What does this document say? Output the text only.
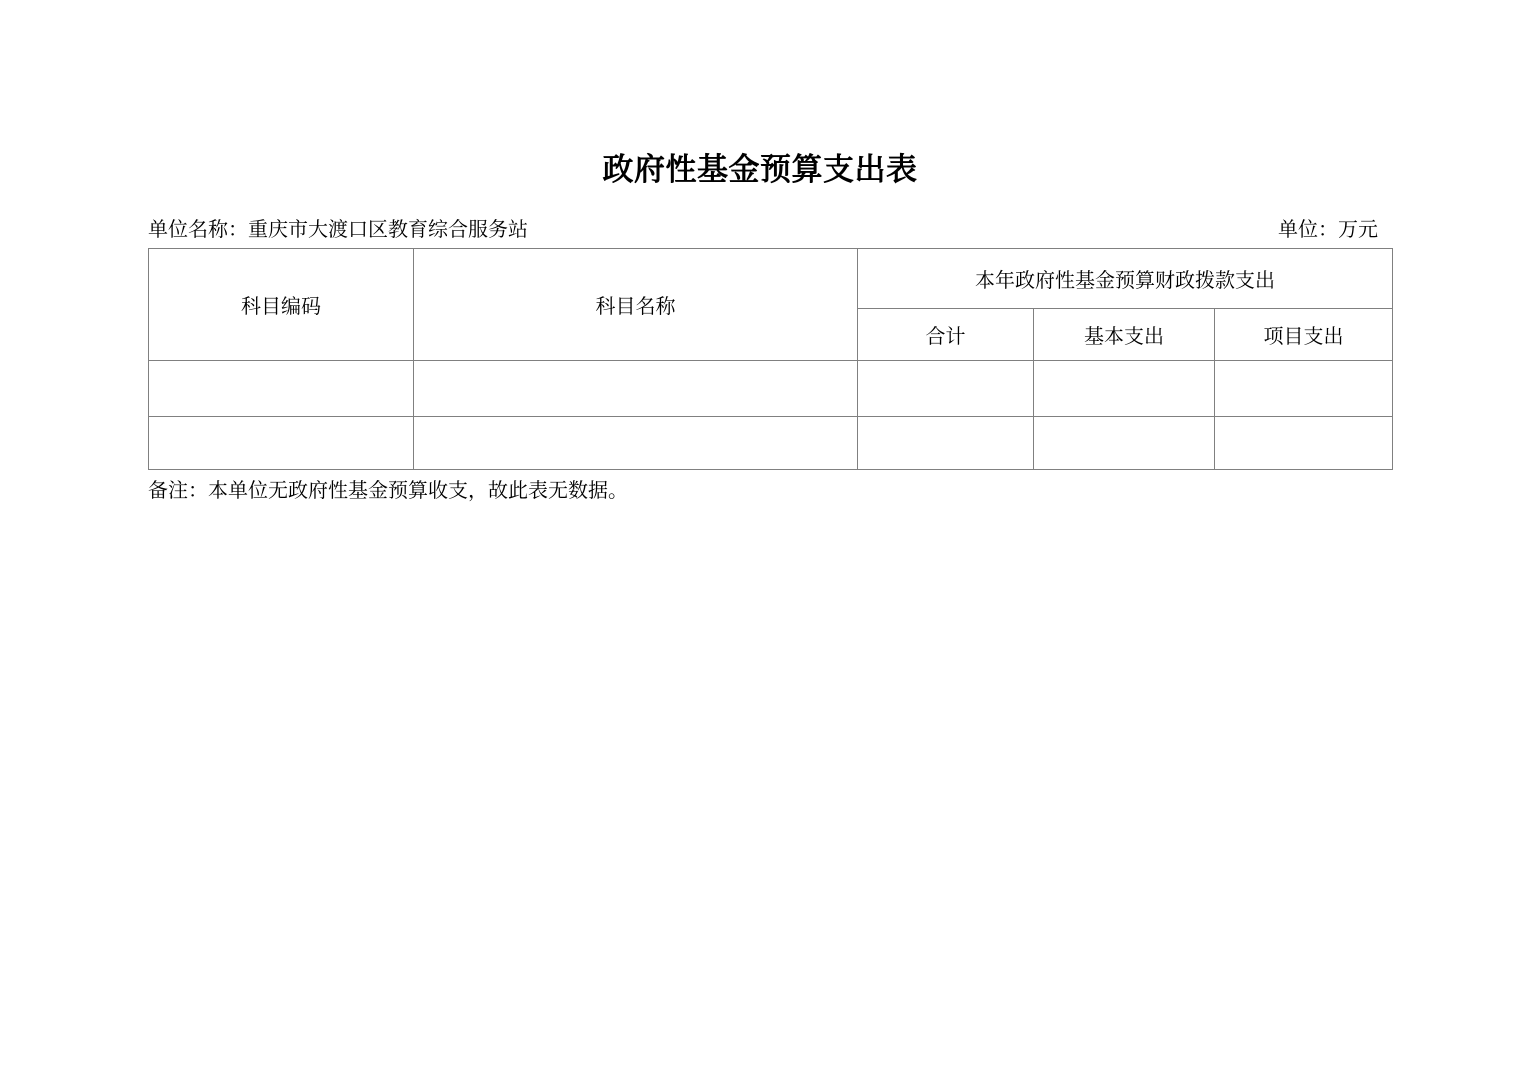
政府性基金预算支出表
单位名称：重庆市大渡口区教育综合服务站	单位：万元
科目编码	科目名称	本年政府性基金预算财政拨款支出		
		合计	基本支出	项目支出

备注：本单位无政府性基金预算收支，故此表无数据。
